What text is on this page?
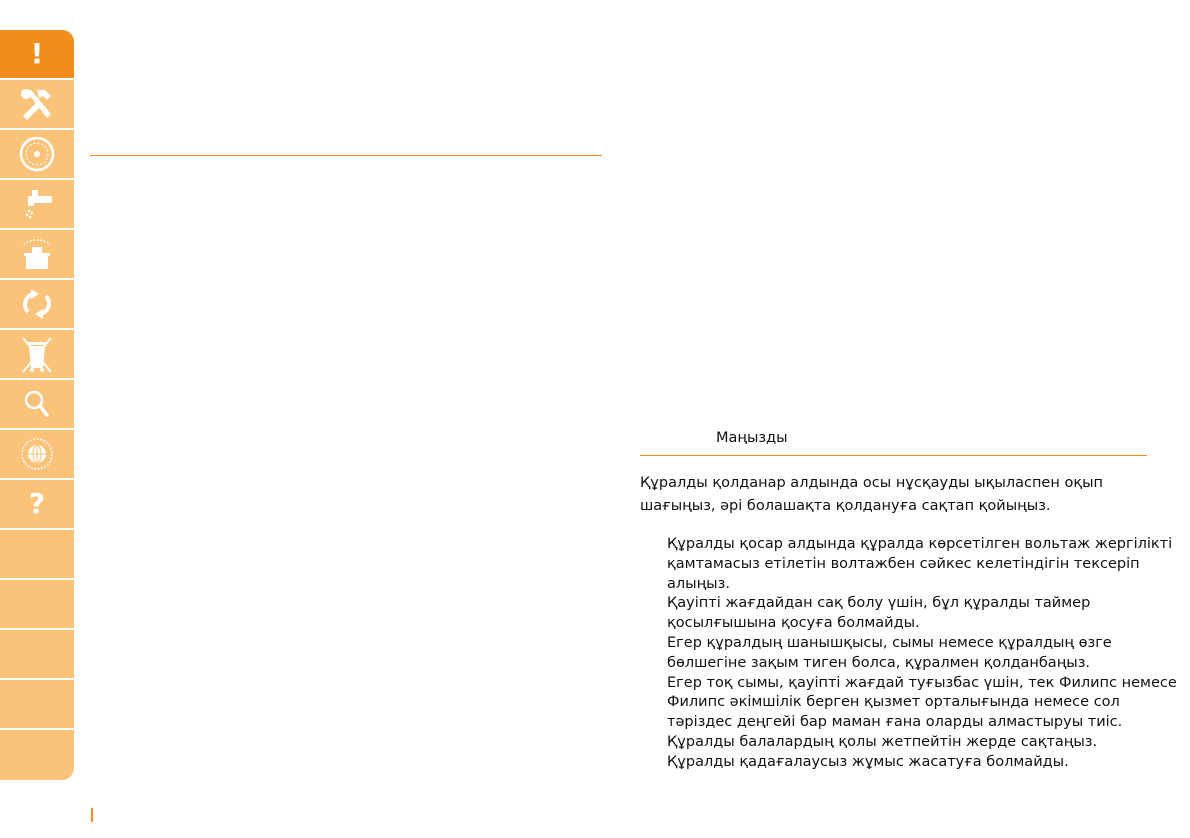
!
?
Маңызды
Құралды қолданар алдында осы нұсқауды ықыласпен оқып шағыңыз, әрі болашақта қолдануға сақтап қойыңыз.
Құралды қосар алдында құралда көрсетілген вольтаж жергілікті қамтамасыз етілетін волтажбен сәйкес келетіндігін тексеріп алыңыз.
Қауіпті жағдайдан сақ болу үшін, бұл құралды таймер қосылғышына қосуға болмайды.
Егер құралдың шанышқысы, сымы немесе құралдың өзге бөлшегіне зақым тиген болса, құралмен қолданбаңыз.
Егер тоқ сымы, қауіпті жағдай туғызбас үшін, тек Филипс немесе Филипс әкімшілік берген қызмет орталығында немесе сол тәріздес деңгейі бар маман ғана оларды алмастыруы тиіс.
Құралды балалардың қолы жетпейтін жерде сақтаңыз.
Құралды қадағалаусыз жұмыс жасатуға болмайды.
